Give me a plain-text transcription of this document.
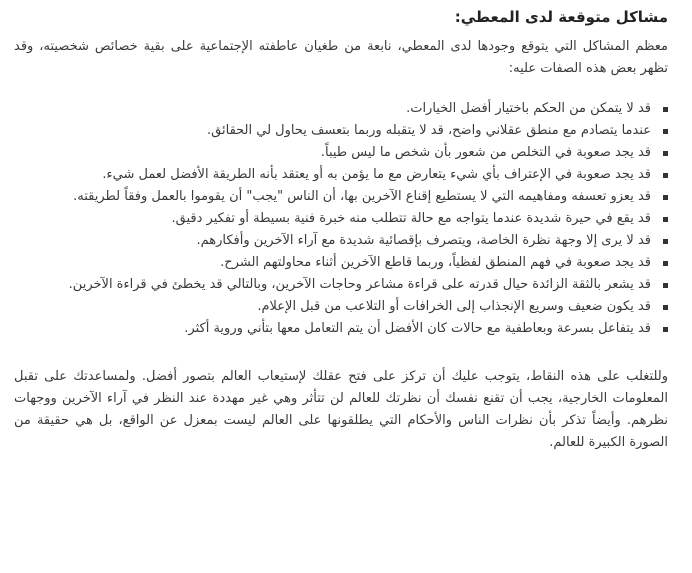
مشاكل متوقعة لدى المعطي:

معظم المشاكل التي يتوقع وجودها لدى المعطي، نابعة من طغيان عاطفته الإجتماعية على بقية خصائص شخصيته، وقد تظهر بعض هذه الصفات عليه:

قد لا يتمكن من الحكم باختيار أفضل الخيارات.
عندما يتصادم مع منطق عقلاني واضح، قد لا يتقبله وربما بتعسف يحاول لي الحقائق.
قد يجد صعوبة في التخلص من شعور بأن شخص ما ليس طيباً.
قد يجد صعوبة في الإعتراف بأي شيء يتعارض مع ما يؤمن به أو يعتقد بأنه الطريقة الأفضل لعمل شيء.
قد يعزو تعسفه ومفاهيمه التي لا يستطيع إقناع الآخرين بها، أن الناس "يجب" أن يقوموا بالعمل وفقاً لطريقته.
قد يقع في حيرة شديدة عندما يتواجه مع حالة تتطلب منه خبرة فنية بسيطة أو تفكير دقيق.
قد لا يرى إلا وجهة نظرة الخاصة، ويتصرف بإقصائية شديدة مع آراء الآخرين وأفكارهم.
قد يجد صعوبة في فهم المنطق لفظياً، وربما قاطع الآخرين أثناء محاولتهم الشرح.
قد يشعر بالثقة الزائدة حيال قدرته على قراءة مشاعر وحاجات الآخرين، وبالتالي قد يخطئ في قراءة الآخرين.
قد يكون ضعيف وسريع الإنجذاب إلى الخرافات أو التلاعب من قبل الإعلام.
قد يتفاعل بسرعة وبعاطفية مع حالات كان الأفضل أن يتم التعامل معها بتأني وروية أكثر.

وللتغلب على هذه النقاط، يتوجب عليك أن تركز على فتح عقلك لإستيعاب العالم بتصور أفضل. ولمساعدتك على تقبل المعلومات الخارجية، يجب أن تقنع نفسك أن نظرتك للعالم لن تتأثر وهي غير مهددة عند النظر في آراء الآخرين ووجهات نظرهم. وأيضاً تذكر بأن نظرات الناس والأحكام التي يطلقونها على العالم ليست بمعزل عن الواقع، بل هي حقيقة من الصورة الكبيرة للعالم.
